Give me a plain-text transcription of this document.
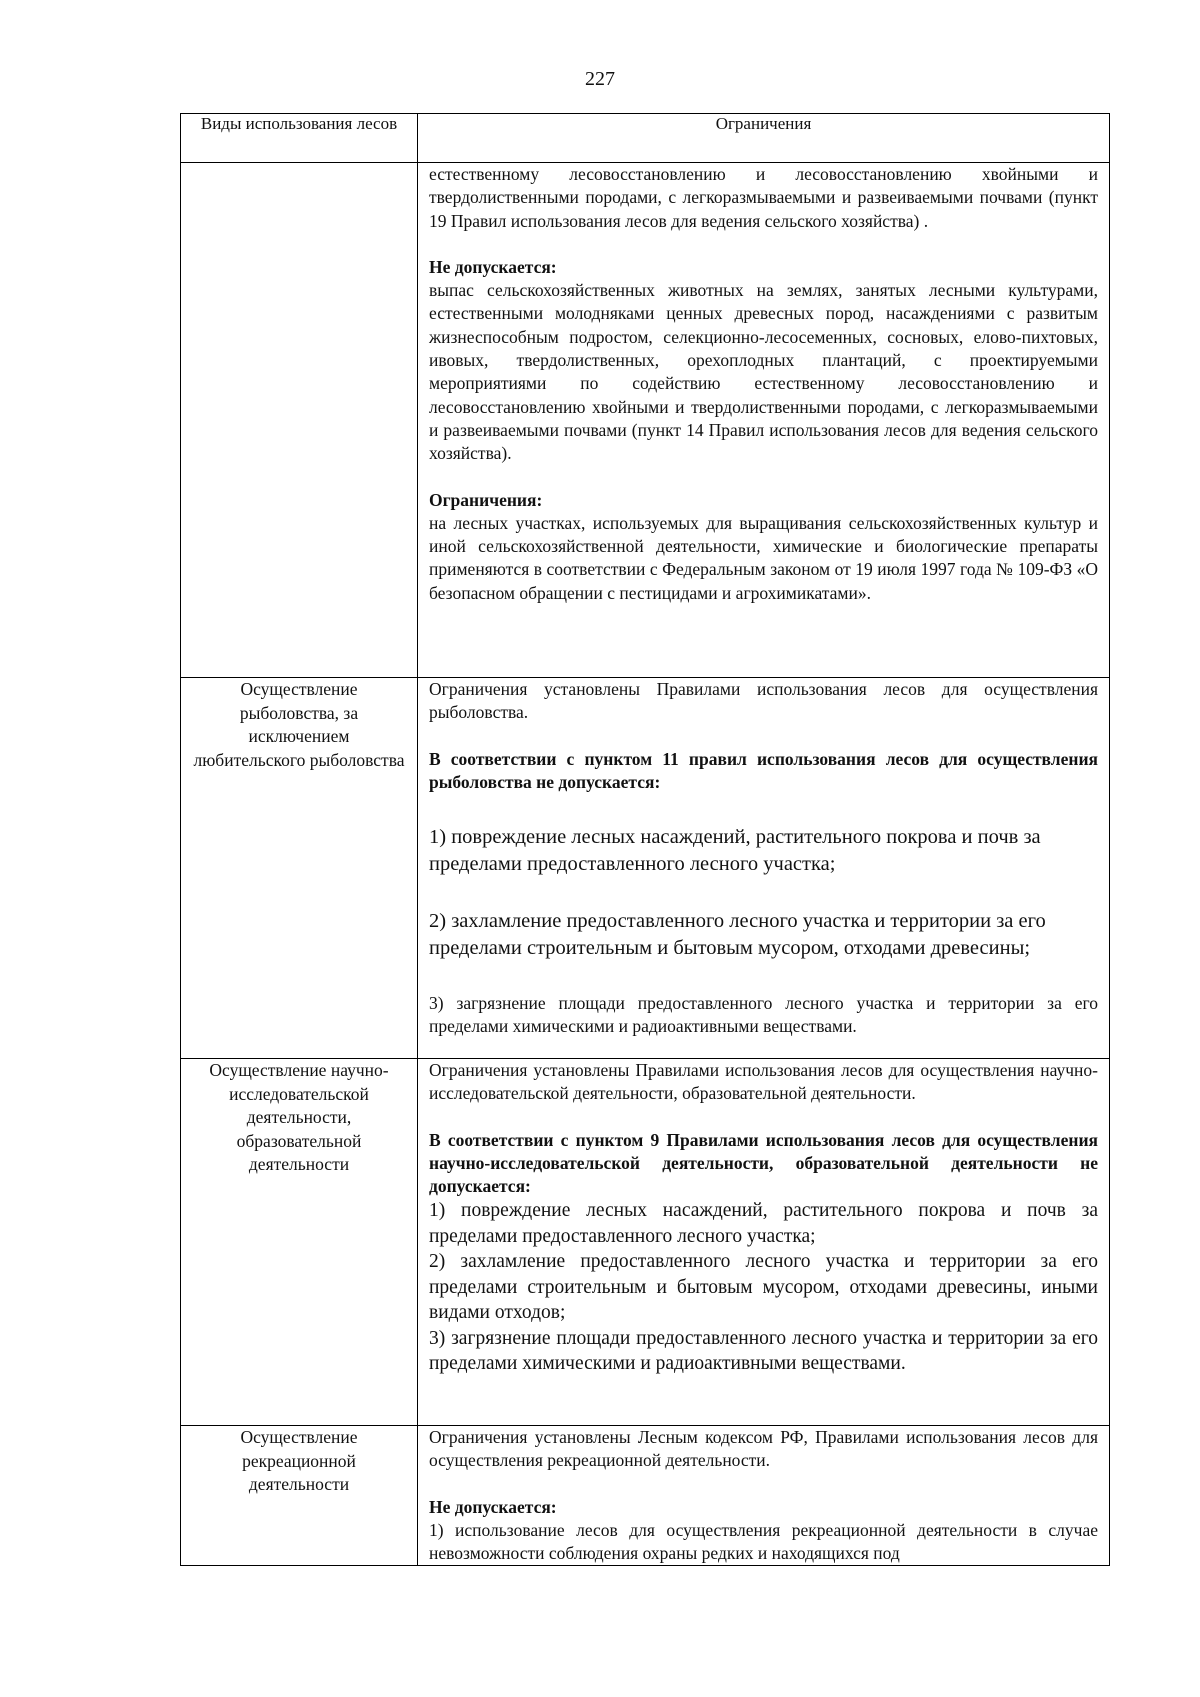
227
Виды использования лесов	Ограничения

	естественному лесовосстановлению и лесовосстановлению хвойными и твердолиственными породами, с легкоразмываемыми и развеиваемыми почвами (пункт 19 Правил использования лесов для ведения сельского хозяйства) .

Не допускается:

выпас сельскохозяйственных животных на землях, занятых лесными культурами, естественными молодняками ценных древесных пород, насаждениями с развитым жизнеспособным подростом, селекционно-лесосеменных, сосновых, елово-пихтовых, ивовых, твердолиственных, орехоплодных плантаций, с проектируемыми мероприятиями по содействию естественному лесовосстановлению и лесовосстановлению хвойными и твердолиственными породами, с легкоразмываемыми и развеиваемыми почвами (пункт 14 Правил использования лесов для ведения сельского хозяйства).

Ограничения:

на лесных участках, используемых для выращивания сельскохозяйственных культур и иной сельскохозяйственной деятельности, химические и биологические препараты применяются в соответствии с Федеральным законом от 19 июля 1997 года № 109-ФЗ «О безопасном обращении с пестицидами и агрохимикатами».

Осуществление рыболовства, за исключением любительского рыболовства	Ограничения установлены Правилами использования лесов для осуществления рыболовства.

В соответствии с пунктом 11 правил использования лесов для осуществления рыболовства не допускается:

1) повреждение лесных насаждений, растительного покрова и почв за пределами предоставленного лесного участка;

2) захламление предоставленного лесного участка и территории за его пределами строительным и бытовым мусором, отходами древесины;

3) загрязнение площади предоставленного лесного участка и территории за его пределами химическими и радиоактивными веществами.

Осуществление научно-исследовательской деятельности, образовательной деятельности	Ограничения установлены Правилами использования лесов для осуществления научно-исследовательской деятельности, образовательной деятельности.

В соответствии с пунктом 9 Правилами использования лесов для осуществления научно-исследовательской деятельности, образовательной деятельности не допускается:

1) повреждение лесных насаждений, растительного покрова и почв за пределами предоставленного лесного участка;

2) захламление предоставленного лесного участка и территории за его пределами строительным и бытовым мусором, отходами древесины, иными видами отходов;

3) загрязнение площади предоставленного лесного участка и территории за его пределами химическими и радиоактивными веществами.

Осуществление рекреационной деятельности	Ограничения установлены Лесным кодексом РФ, Правилами использования лесов для осуществления рекреационной деятельности.

Не допускается:

1) использование лесов для осуществления рекреационной деятельности в случае невозможности соблюдения охраны редких и находящихся под
